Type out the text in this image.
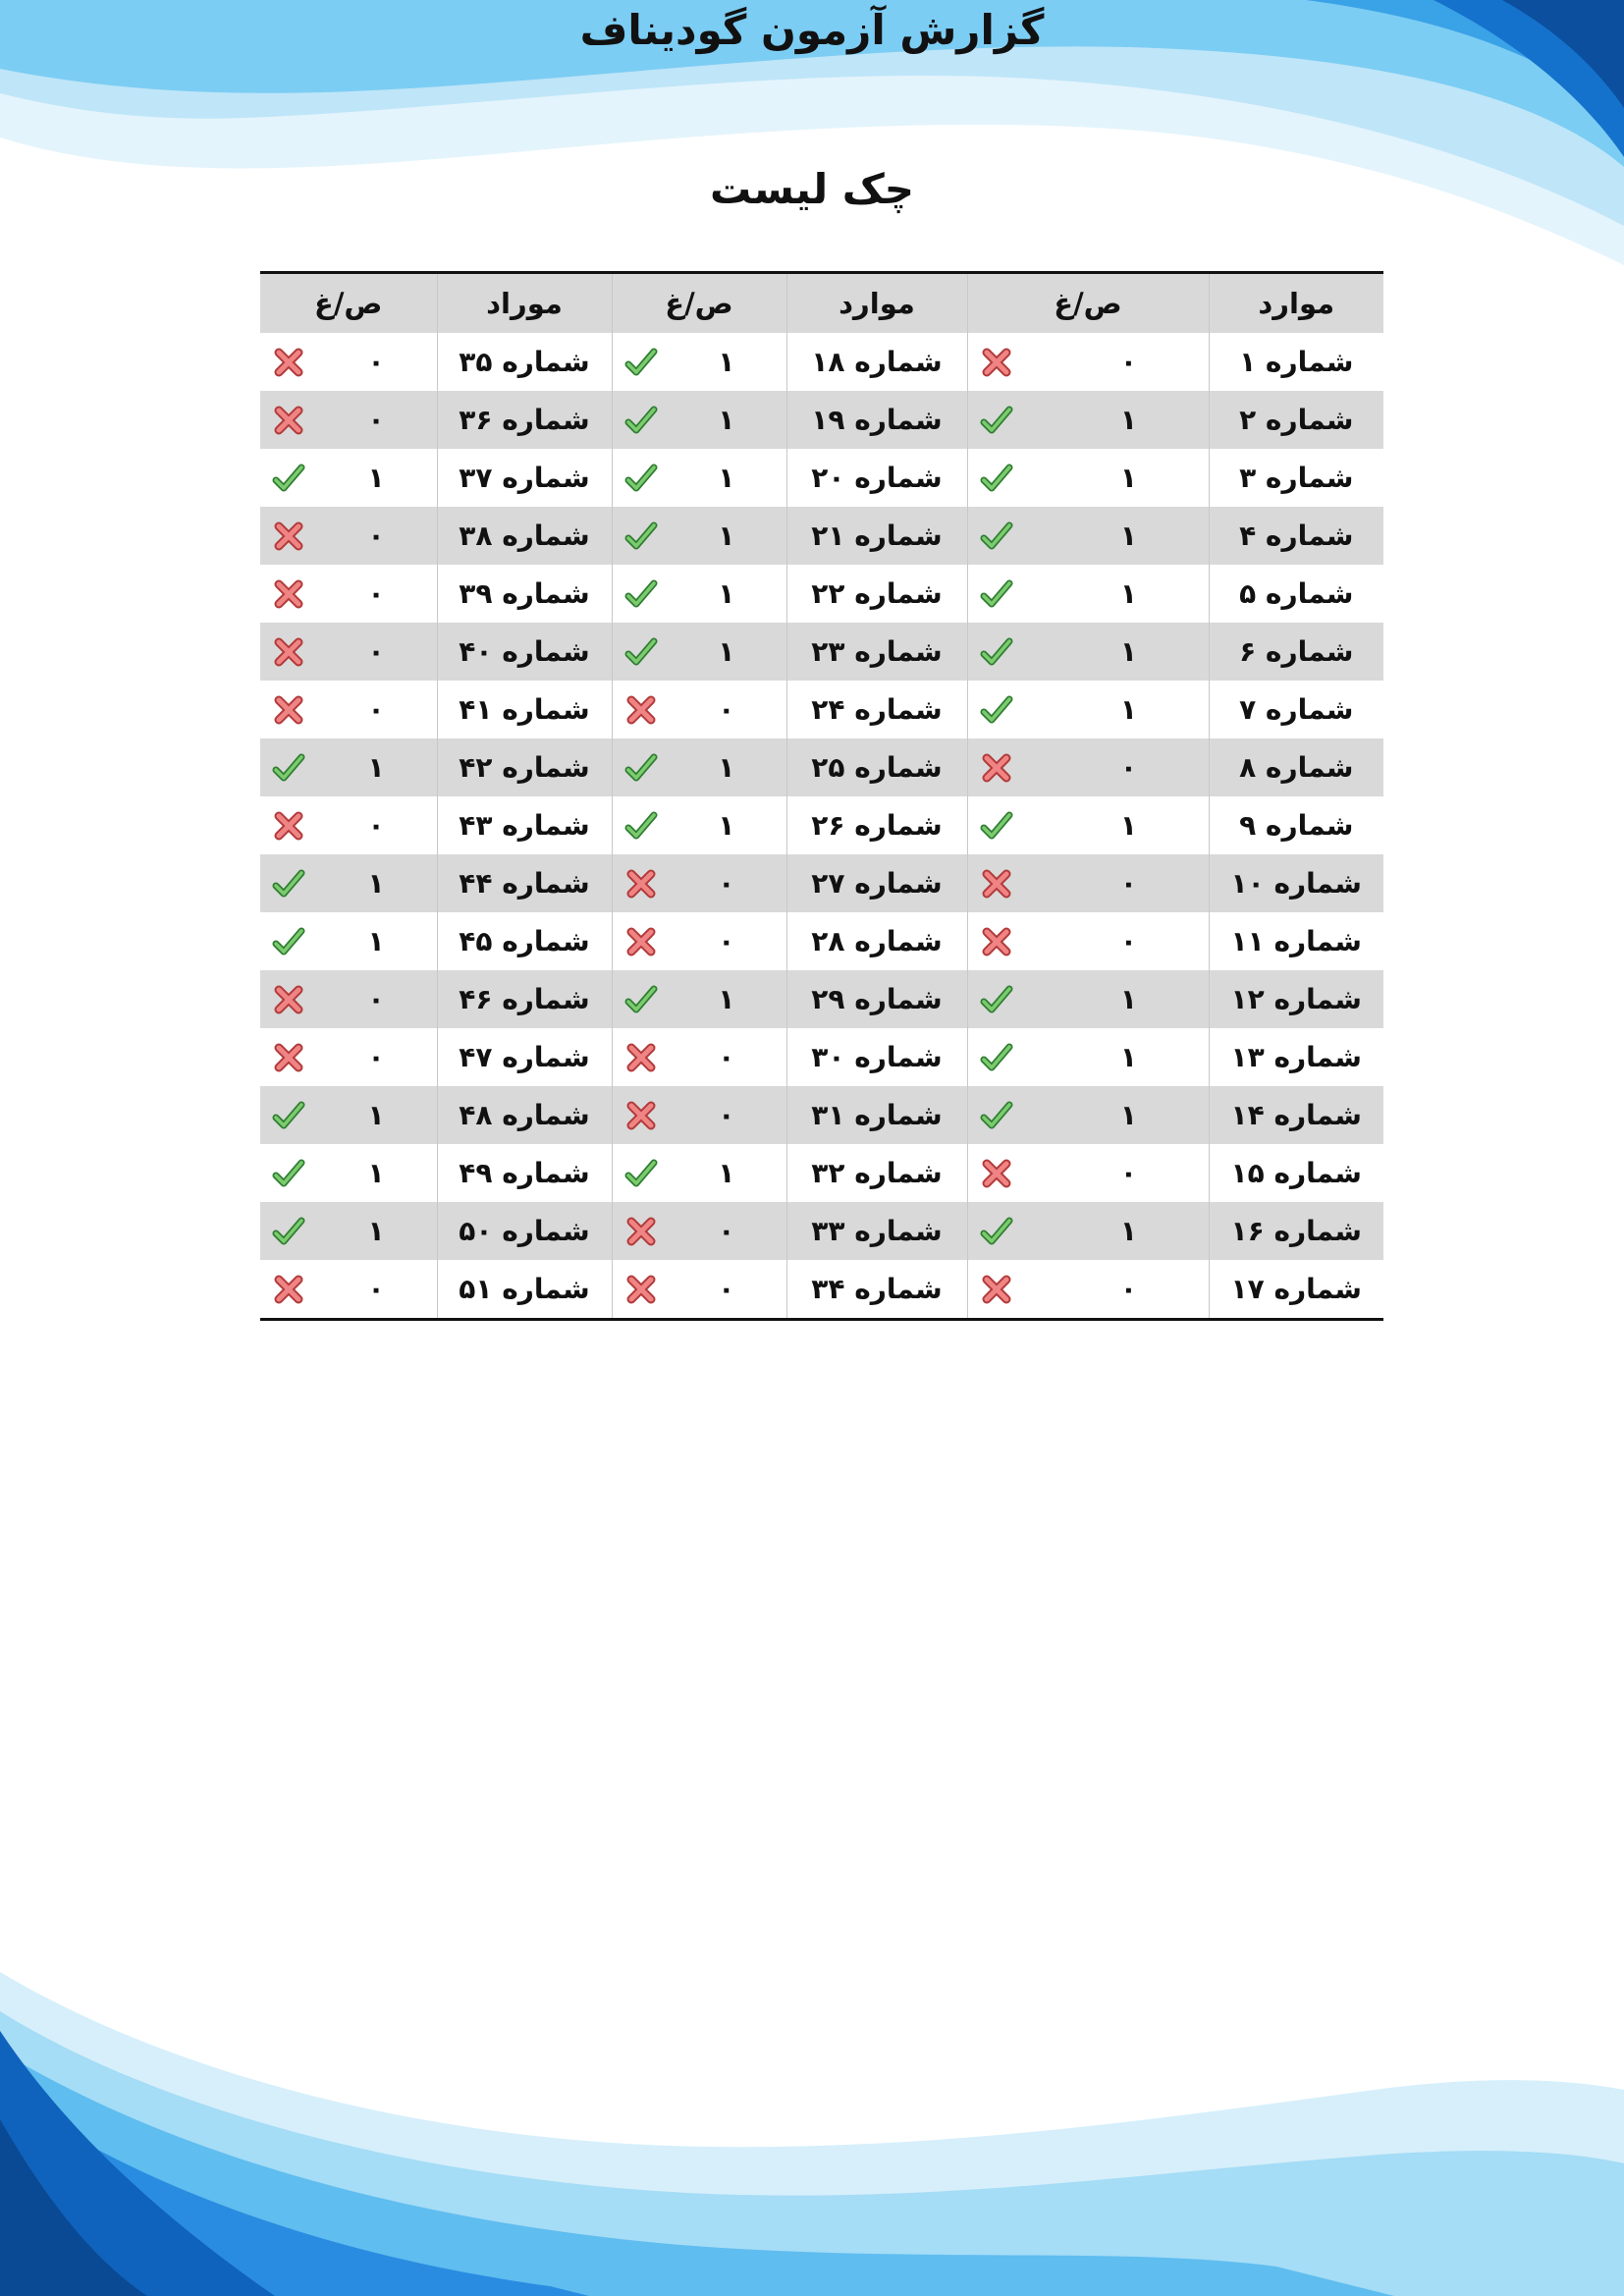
گزارش آزمون گودیناف
چک لیست
موارد	ص/غ	موارد	ص/غ	موراد	ص/غ
شماره ۱	۰	شماره ۱۸	۱	شماره ۳۵	۰

شماره ۲	۱	شماره ۱۹	۱	شماره ۳۶	۰

شماره ۳	۱	شماره ۲۰	۱	شماره ۳۷	۱

شماره ۴	۱	شماره ۲۱	۱	شماره ۳۸	۰

شماره ۵	۱	شماره ۲۲	۱	شماره ۳۹	۰

شماره ۶	۱	شماره ۲۳	۱	شماره ۴۰	۰

شماره ۷	۱	شماره ۲۴	۰	شماره ۴۱	۰

شماره ۸	۰	شماره ۲۵	۱	شماره ۴۲	۱

شماره ۹	۱	شماره ۲۶	۱	شماره ۴۳	۰

شماره ۱۰	۰	شماره ۲۷	۰	شماره ۴۴	۱

شماره ۱۱	۰	شماره ۲۸	۰	شماره ۴۵	۱

شماره ۱۲	۱	شماره ۲۹	۱	شماره ۴۶	۰

شماره ۱۳	۱	شماره ۳۰	۰	شماره ۴۷	۰

شماره ۱۴	۱	شماره ۳۱	۰	شماره ۴۸	۱

شماره ۱۵	۰	شماره ۳۲	۱	شماره ۴۹	۱

شماره ۱۶	۱	شماره ۳۳	۰	شماره ۵۰	۱

شماره ۱۷	۰	شماره ۳۴	۰	شماره ۵۱	۰
